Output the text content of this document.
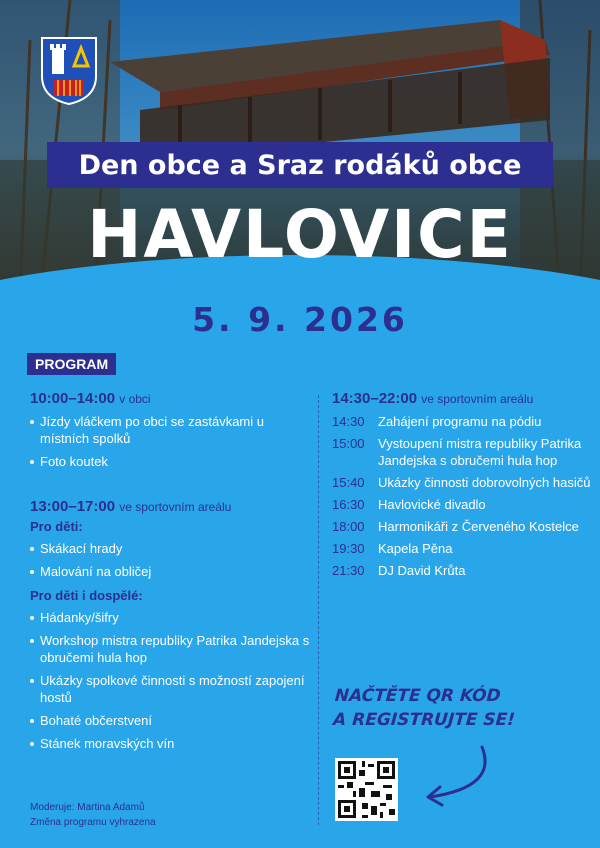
Den obce a Sraz rodáků obce
HAVLOVICE
5. 9. 2026
PROGRAM
10:00–14:00 v obci
Jízdy vláčkem po obci se zastávkami u místních spolků
Foto koutek
13:00–17:00 ve sportovním areálu
Pro děti:
Skákací hrady
Malování na obličej
Pro děti i dospělé:
Hádanky/šifry
Workshop mistra republiky Patrika Jandejska s obručemi hula hop
Ukázky spolkové činnosti s možností zapojení hostů
Bohaté občerstvení
Stánek moravských vín
14:30–22:00 ve sportovním areálu
14:30	Zahájení programu na pódiu
15:00	Vystoupení mistra republiky Patrika Jandejska s obručemi hula hop
15:40	Ukázky činnosti dobrovolných hasičů
16:30	Havlovické divadlo
18:00	Harmonikáři z Červeného Kostelce
19:30	Kapela Pěna
21:30	DJ David Krůta
NAČTĚTE QR KÓD
A REGISTRUJTE SE!
Moderuje: Martina Adamů
Změna programu vyhrazena
